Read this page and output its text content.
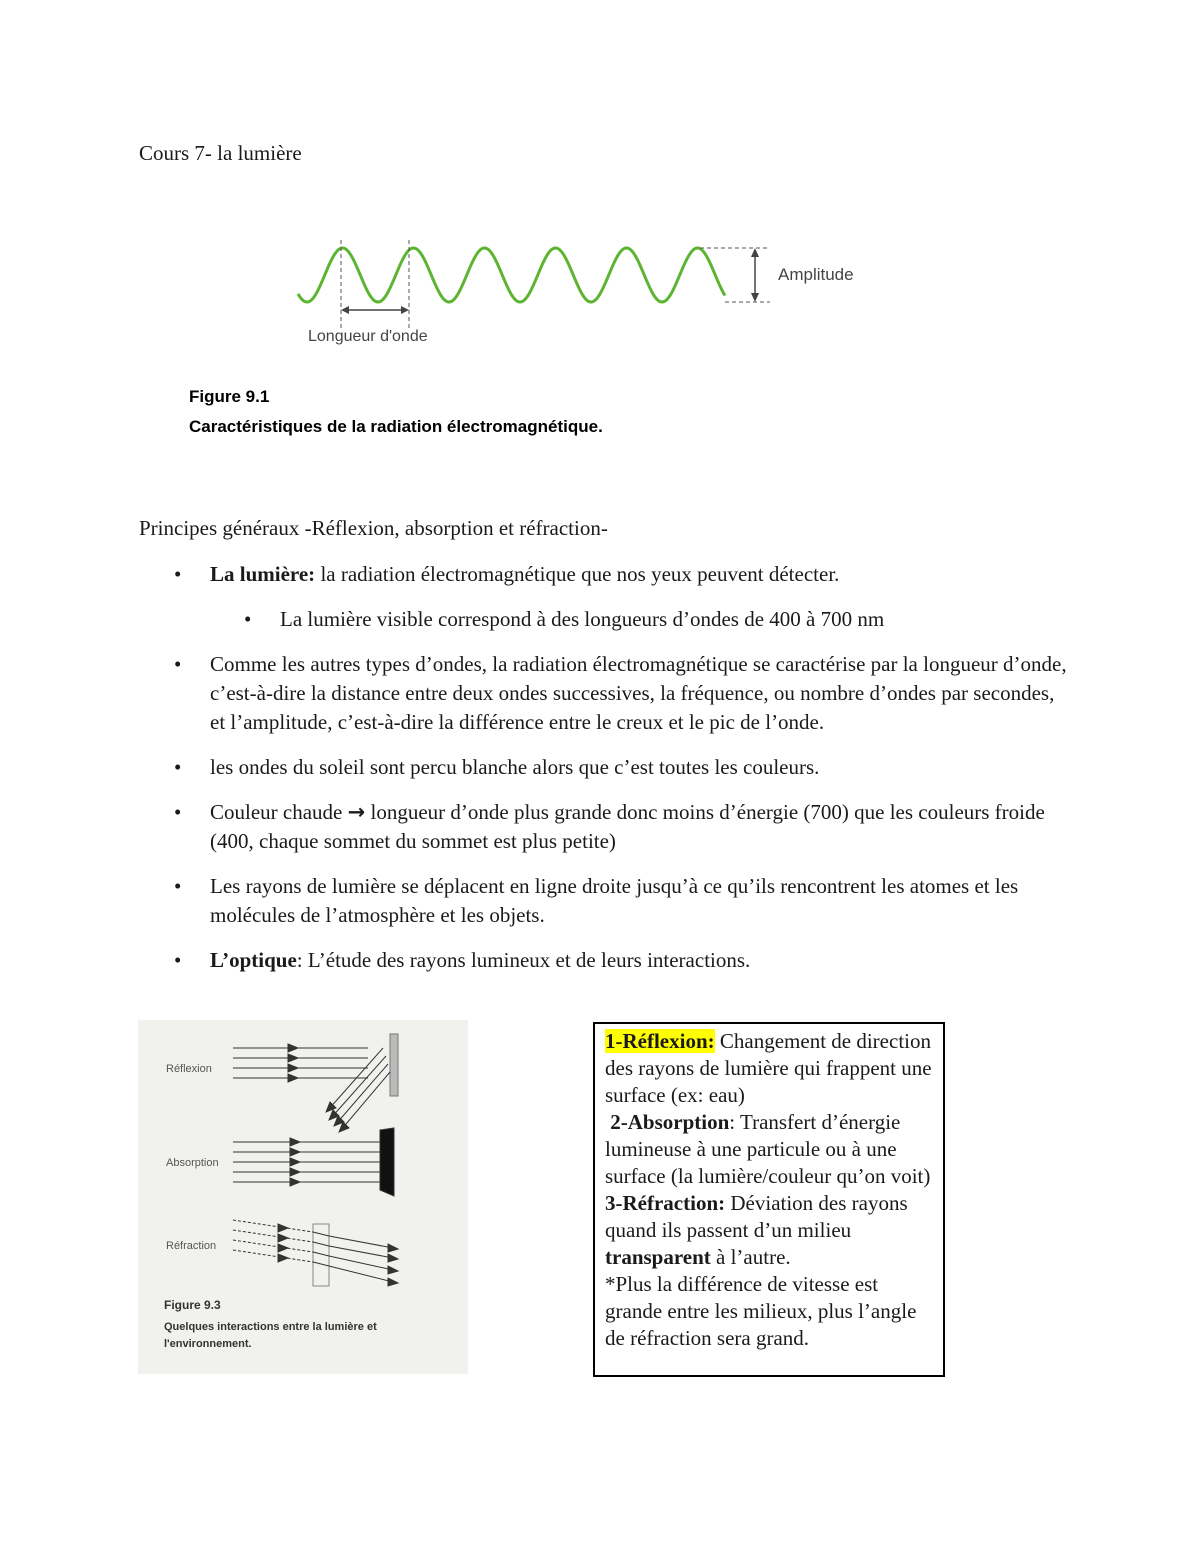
Cours 7- la lumière
Amplitude
Longueur d'onde
Figure 9.1
Caractéristiques de la radiation électromagnétique.
Principes généraux -Réflexion, absorption et réfraction-
• La lumière: la radiation électromagnétique que nos yeux peuvent détecter.
• La lumière visible correspond à des longueurs d’ondes de 400 à 700 nm
• Comme les autres types d’ondes, la radiation électromagnétique se caractérise par la longueur d’onde, c’est-à-dire la distance entre deux ondes successives, la fréquence, ou nombre d’ondes par secondes, et l’amplitude, c’est-à-dire la différence entre le creux et le pic de l’onde.
• les ondes du soleil sont percu blanche alors que c’est toutes les couleurs.
• Couleur chaude → longueur d’onde plus grande donc moins d’énergie (700) que les couleurs froide (400, chaque sommet du sommet est plus petite)
• Les rayons de lumière se déplacent en ligne droite jusqu’à ce qu’ils rencontrent les atomes et les molécules de l’atmosphère et les objets.
• L’optique: L’étude des rayons lumineux et de leurs interactions.
Réflexion
Absorption
Réfraction
Figure 9.3
Quelques interactions entre la lumière et
l'environnement.
1-Réflexion: Changement de direction des rayons de lumière qui frappent une surface (ex: eau)
2-Absorption: Transfert d’énergie lumineuse à une particule ou à une surface (la lumière/couleur qu’on voit)
3-Réfraction: Déviation des rayons quand ils passent d’un milieu transparent à l’autre.
*Plus la différence de vitesse est grande entre les milieux, plus l’angle de réfraction sera grand.
